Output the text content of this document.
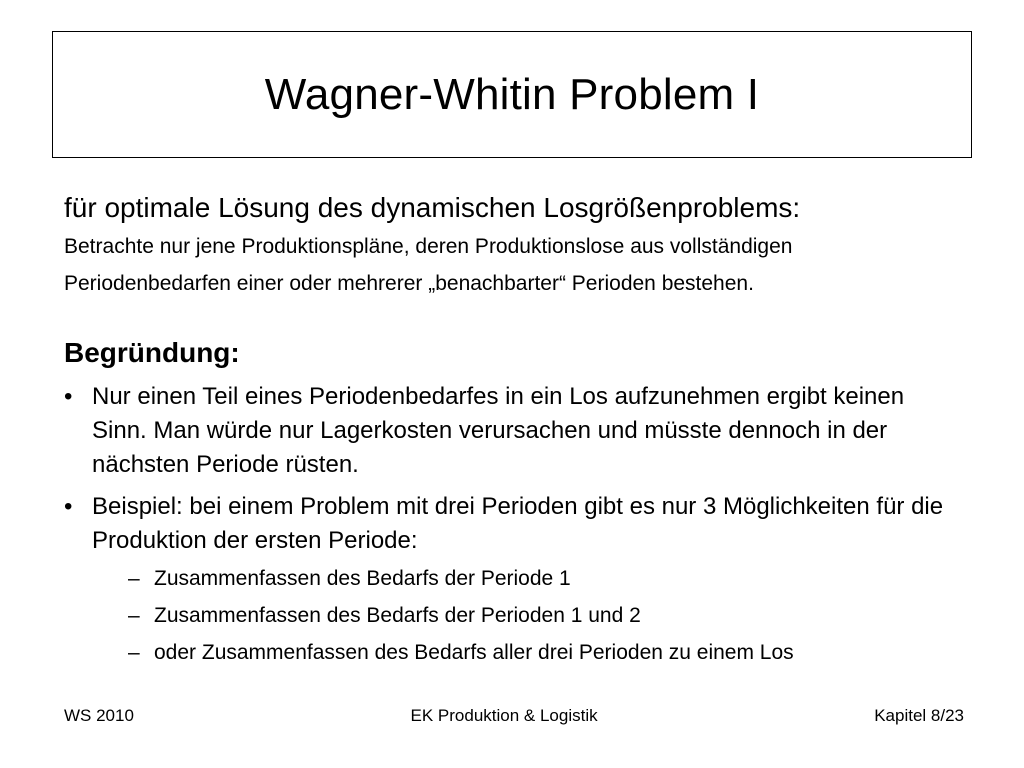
Wagner-Whitin Problem I

für optimale Lösung des dynamischen Losgrößenproblems:

Betrachte nur jene Produktionspläne, deren Produktionslose aus vollständigen

Periodenbedarfen einer oder mehrerer „benachbarter“ Perioden bestehen.

Begründung:
• Nur einen Teil eines Periodenbedarfes in ein Los aufzunehmen ergibt keinen Sinn. Man würde nur Lagerkosten verursachen und müsste dennoch in der nächsten Periode rüsten.
• Beispiel: bei einem Problem mit drei Perioden gibt es nur 3 Möglichkeiten für die Produktion der ersten Periode:
– Zusammenfassen des Bedarfs der Periode 1
– Zusammenfassen des Bedarfs der Perioden 1 und 2
– oder Zusammenfassen des Bedarfs aller drei Perioden zu einem Los
WS 2010	EK Produktion & Logistik	Kapitel 8/23
